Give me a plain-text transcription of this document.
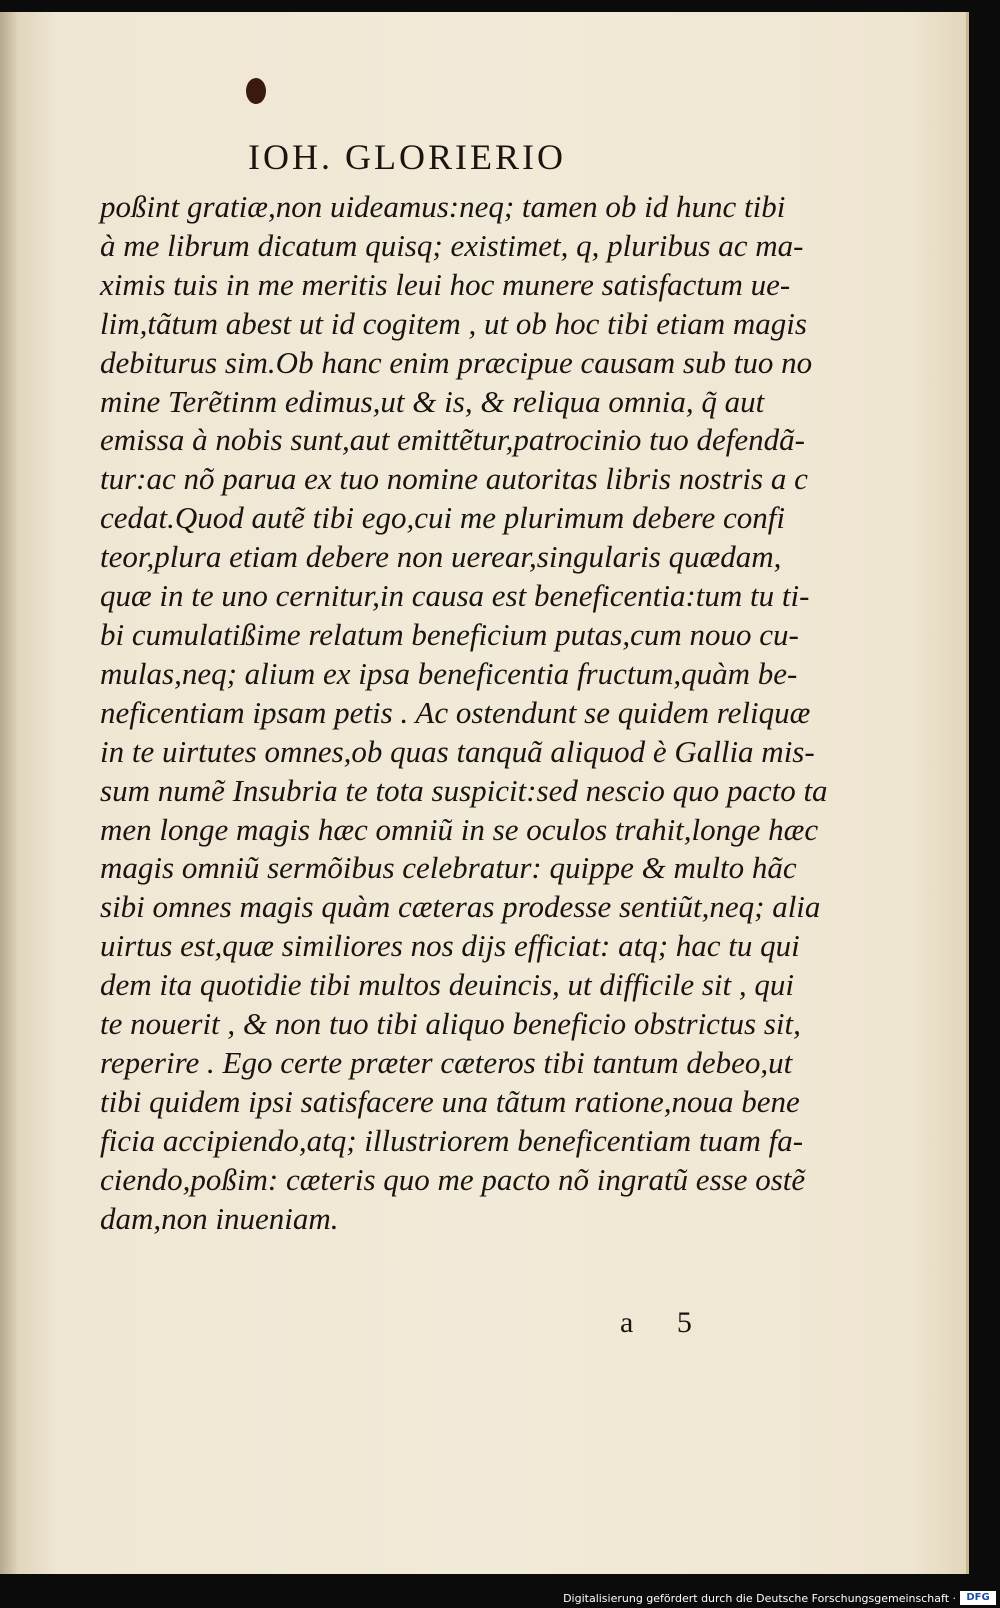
IOH. GLORIERIO
poßint gratiæ,non uideamus:neq; tamen ob id hunc tibi
à me librum dicatum quisq; existimet, q, pluribus ac ma-
ximis tuis in me meritis leui hoc munere satisfactum ue-
lim,tãtum abest ut id cogitem , ut ob hoc tibi etiam magis
debiturus sim.Ob hanc enim præcipue causam sub tuo no
mine Terẽtinm edimus,ut & is, & reliqua omnia, q̃ aut
emissa à nobis sunt,aut emittẽtur,patrocinio tuo defendã-
tur:ac nõ parua ex tuo nomine autoritas libris nostris a c
cedat.Quod autẽ tibi ego,cui me plurimum debere confi
teor,plura etiam debere non uerear,singularis quædam,
quæ in te uno cernitur,in causa est beneficentia:tum tu ti-
bi cumulatißime relatum beneficium putas,cum nouo cu-
mulas,neq; alium ex ipsa beneficentia fructum,quàm be-
neficentiam ipsam petis . Ac ostendunt se quidem reliquæ
in te uirtutes omnes,ob quas tanquã aliquod è Gallia mis-
sum numẽ Insubria te tota suspicit:sed nescio quo pacto ta
men longe magis hæc omniũ in se oculos trahit,longe hæc
magis omniũ sermõibus celebratur: quippe & multo hãc
sibi omnes magis quàm cæteras prodesse sentiũt,neq; alia
uirtus est,quæ similiores nos dijs efficiat: atq; hac tu qui
dem ita quotidie tibi multos deuincis, ut difficile sit , qui
te nouerit , & non tuo tibi aliquo beneficio obstrictus sit,
reperire . Ego certe præter cæteros tibi tantum debeo,ut
tibi quidem ipsi satisfacere una tãtum ratione,noua bene
ficia accipiendo,atq; illustriorem beneficentiam tuam fa-
ciendo,poßim: cæteris quo me pacto nõ ingratũ esse ostẽ
dam,non inueniam.
a 5
Digitalisierung gefördert durch die Deutsche Forschungsgemeinschaft ·	DFG
